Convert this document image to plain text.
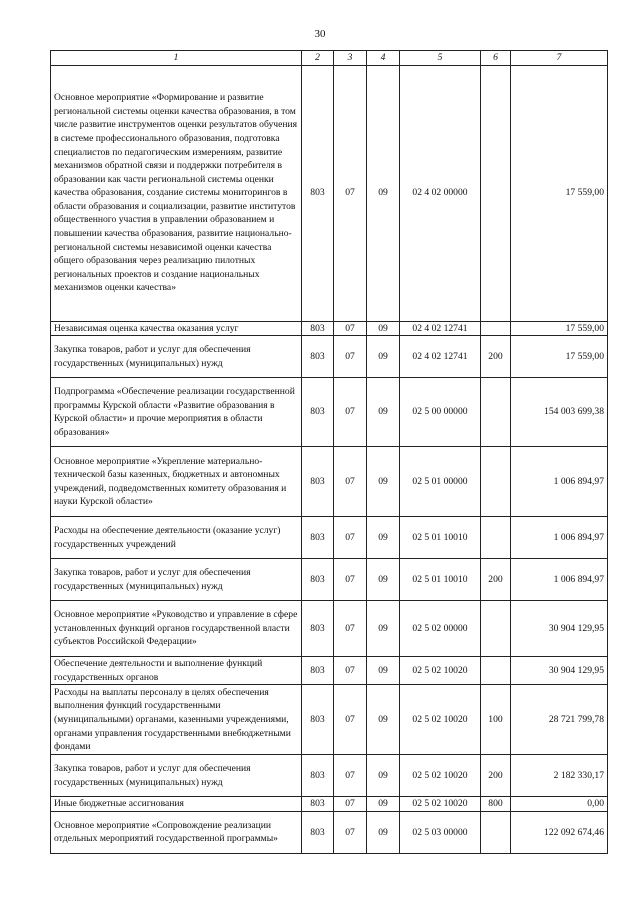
30
1	2	3	4	5	6	7
Основное мероприятие «Формирование и развитие региональной системы оценки качества образования, в том числе развитие инструментов оценки результатов обучения в системе профессионального образования, подготовка специалистов по педагогическим измерениям, развитие механизмов обратной связи и поддержки потребителя в образовании как части региональной системы оценки качества образования, создание системы мониторингов в области образования и социализации, развитие институтов общественного участия в управлении образованием и повышении качества образования, развитие национально-региональной системы независимой оценки качества общего образования через реализацию пилотных региональных проектов и создание национальных механизмов оценки качества»	803	07	09	02 4 02 00000		17 559,00
Независимая оценка качества оказания услуг	803	07	09	02 4 02 12741		17 559,00
Закупка товаров, работ и услуг для обеспечения государственных (муниципальных) нужд	803	07	09	02 4 02 12741	200	17 559,00
Подпрограмма «Обеспечение реализации государственной программы Курской области «Развитие образования в Курской области» и прочие мероприятия в области образования»	803	07	09	02 5 00 00000		154 003 699,38
Основное мероприятие «Укрепление материально-технической базы казенных, бюджетных и автономных учреждений, подведомственных комитету образования и науки Курской области»	803	07	09	02 5 01 00000		1 006 894,97
Расходы на обеспечение деятельности (оказание услуг) государственных учреждений	803	07	09	02 5 01 10010		1 006 894,97
Закупка товаров, работ и услуг для обеспечения государственных (муниципальных) нужд	803	07	09	02 5 01 10010	200	1 006 894,97
Основное мероприятие «Руководство и управление в сфере установленных функций органов государственной власти субъектов Российской Федерации»	803	07	09	02 5 02 00000		30 904 129,95
Обеспечение деятельности и выполнение функций государственных органов	803	07	09	02 5 02 10020		30 904 129,95
Расходы на выплаты персоналу в целях обеспечения выполнения функций государственными (муниципальными) органами, казенными учреждениями, органами управления государственными внебюджетными фондами	803	07	09	02 5 02 10020	100	28 721 799,78
Закупка товаров, работ и услуг для обеспечения государственных (муниципальных) нужд	803	07	09	02 5 02 10020	200	2 182 330,17
Иные бюджетные ассигнования	803	07	09	02 5 02 10020	800	0,00
Основное мероприятие «Сопровождение реализации отдельных мероприятий государственной программы»	803	07	09	02 5 03 00000		122 092 674,46
